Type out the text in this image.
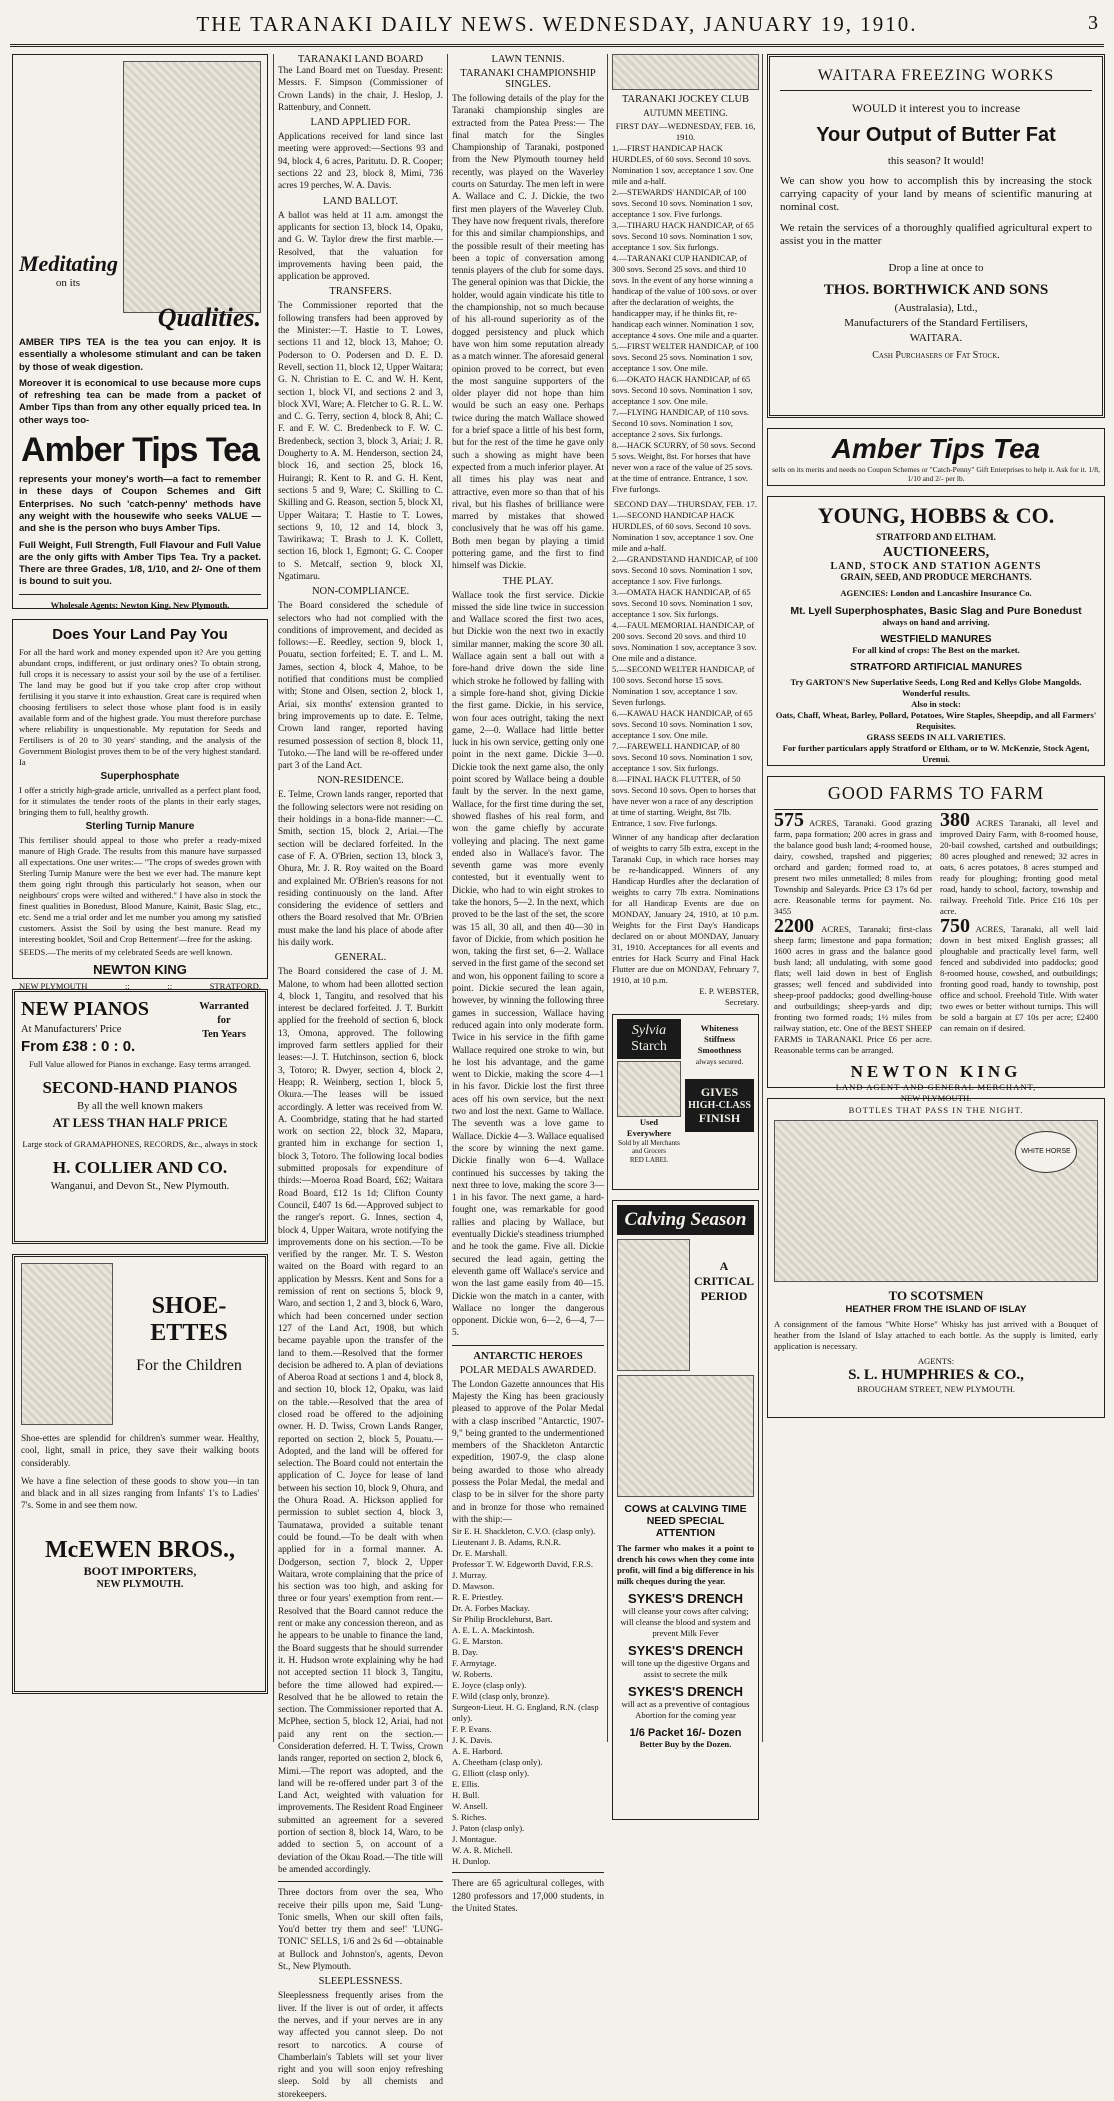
THE TARANAKI DAILY NEWS. WEDNESDAY, JANUARY 19, 1910.	3
Meditating
on its
Qualities.
AMBER TIPS TEA is the tea you can enjoy. It is essentially a wholesome stimulant and can be taken by those of weak digestion.
Moreover it is economical to use because more cups of refreshing tea can be made from a packet of Amber Tips than from any other equally priced tea. In other ways too-
Amber Tips Tea
represents your money's worth—a fact to remember in these days of Coupon Schemes and Gift Enterprises. No such 'catch-penny' methods have any weight with the housewife who seeks VALUE —and she is the person who buys Amber Tips.
Full Weight, Full Strength, Full Flavour and Full Value are the only gifts with Amber Tips Tea. Try a packet. There are three Grades, 1/8, 1/10, and 2/- One of them is bound to suit you.
Wholesale Agents: Newton King, New Plymouth.
Does Your Land Pay You
For all the hard work and money expended upon it? Are you getting abundant crops, indifferent, or just ordinary ones? To obtain strong, full crops it is necessary to assist your soil by the use of a fertiliser. The land may be good but if you take crop after crop without fertilising it you starve it into exhaustion. Great care is required when choosing fertilisers to select those whose plant food is in easily available form and of the highest grade. You must therefore purchase where reliability is unquestionable. My reputation for Seeds and Fertilisers is of 20 to 30 years' standing, and the analysis of the Government Biologist proves them to be of the very highest standard. Ia
Superphosphate
I offer a strictly high-grade article, unrivalled as a perfect plant food, for it stimulates the tender roots of the plants in their early stages, bringing them to full, healthy growth.
Sterling Turnip Manure
This fertiliser should appeal to those who prefer a ready-mixed manure of High Grade. The results from this manure have surpassed all expectations. One user writes:— "The crops of swedes grown with Sterling Turnip Manure were the best we ever had. The manure kept them going right through this particularly hot season, when our neighbours' crops were wilted and withered." I have also in stock the finest qualities in Bonedust, Blood Manure, Kainit, Basic Slag, etc., etc. Send me a trial order and let me number you among my satisfied customers. Assist the Soil by using the best manure. Read my interesting booklet, 'Soil and Crop Betterment'—free for the asking.
SEEDS.—The merits of my celebrated Seeds are well known.
NEWTON KING
NEW PLYMOUTH	::	::	STRATFORD.
NEW PIANOS
At Manufacturers' Price
From £38 : 0 : 0.
Warranted
for
Ten Years
Full Value allowed for Pianos in exchange. Easy terms arranged.
SECOND-HAND PIANOS
By all the well known makers
AT LESS THAN HALF PRICE
Large stock of GRAMAPHONES, RECORDS, &c., always in stock
H. COLLIER AND CO.
Wanganui, and Devon St., New Plymouth.
SHOE-ETTES
For the Children
Shoe-ettes are splendid for children's summer wear. Healthy, cool, light, small in price, they save their walking boots considerably.
We have a fine selection of these goods to show you—in tan and black and in all sizes ranging from Infants' 1's to Ladies' 7's. Some in and see them now.
McEWEN BROS.,
BOOT IMPORTERS,
NEW PLYMOUTH.
TARANAKI LAND BOARD
The Land Board met on Tuesday. Present: Messrs. F. Simpson (Commissioner of Crown Lands) in the chair, J. Heslop, J. Rattenbury, and Connett.
LAND APPLIED FOR.
Applications received for land since last meeting were approved:—Sections 93 and 94, block 4, 6 acres, Paritutu. D. R. Cooper; sections 22 and 23, block 8, Mimi, 736 acres 19 perches, W. A. Davis.
LAND BALLOT.
A ballot was held at 11 a.m. amongst the applicants for section 13, block 14, Opaku, and G. W. Taylor drew the first marble.—Resolved, that the valuation for improvements having been paid, the application be approved.
TRANSFERS.
The Commissioner reported that the following transfers had been approved by the Minister:—T. Hastie to T. Lowes, sections 11 and 12, block 13, Mahoe; O. Poderson to O. Podersen and D. E. D. Revell, section 11, block 12, Upper Waitara; G. N. Christian to E. C. and W. H. Kent, section 1, block VI, and sections 2 and 3, block XVI, Ware; A. Fletcher to G. R. L. W. and C. G. Terry, section 4, block 8, Ahi; C. F. and F. W. C. Bredenbeck to F. W. C. Bredenbeck, section 3, block 3, Ariai; J. R. Dougherty to A. M. Henderson, section 24, block 16, and section 25, block 16, Huirangi; R. Kent to R. and G. H. Kent, sections 5 and 9, Ware; C. Skilling to C. Skilling and G. Reason, section 5, block XI, Upper Waitara; T. Hastie to T. Lowes, sections 9, 10, 12 and 14, block 3, Tawirikawa; T. Brash to J. K. Collett, section 16, block 1, Egmont; G. C. Cooper to S. Metcalf, section 9, block XI, Ngatimaru.
NON-COMPLIANCE.
The Board considered the schedule of selectors who had not complied with the conditions of improvement, and decided as follows:—E. Reedley, section 9, block 1, Pouatu, section forfeited; E. T. and L. M. James, section 4, block 4, Mahoe, to be notified that conditions must be complied with; Stone and Olsen, section 2, block 1, Ariai, six months' extension granted to bring improvements up to date. E. Telme, Crown land ranger, reported having resumed possession of section 8, block 11, Tutoko.—The land will be re-offered under part 3 of the Land Act.
NON-RESIDENCE.
E. Telme, Crown lands ranger, reported that the following selectors were not residing on their holdings in a bona-fide manner:—C. Smith, section 15, block 2, Ariai.—The section will be declared forfeited. In the case of F. A. O'Brien, section 13, block 3, Ohura, Mr. J. R. Roy waited on the Board and explained Mr. O'Brien's reasons for not residing continuously on the land. After considering the evidence of settlers and others the Board resolved that Mr. O'Brien must make the land his place of abode after his daily work.
GENERAL.
The Board considered the case of J. M. Malone, to whom had been allotted section 4, block 1, Tangitu, and resolved that his interest be declared forfeited. J. T. Burkitt applied for the freehold of section 6, block 13, Omona, approved. The following improved farm settlers applied for their leases:—J. T. Hutchinson, section 6, block 3, Totoro; R. Dwyer, section 4, block 2, Heapp; R. Weinberg, section 1, block 5, Okura.—The leases will be issued accordingly. A letter was received from W. A. Coombridge, stating that he had started work on section 22, block 32, Mapara, granted him in exchange for section 1, block 3, Totoro. The following local bodies submitted proposals for expenditure of thirds:—Moeroa Road Board, £62; Waitara Road Board, £12 1s 1d; Clifton County Council, £407 1s 6d.—Approved subject to the ranger's report. G. Innes, section 4, block 4, Upper Waitara, wrote notifying the improvements done on his section.—To be verified by the ranger. Mr. T. S. Weston waited on the Board with regard to an application by Messrs. Kent and Sons for a remission of rent on sections 5, block 9, Waro, and section 1, 2 and 3, block 6, Waro, which had been concerned under section 127 of the Land Act, 1908, but which became payable upon the transfer of the land to them.—Resolved that the former decision be adhered to. A plan of deviations of Aberoa Road at sections 1 and 4, block 8, and section 10, block 12, Opaku, was laid on the table.—Resolved that the area of closed road be offered to the adjoining owner. H. D. Twiss, Crown Lands Ranger, reported on section 2, block 5, Pouatu.—Adopted, and the land will be offered for selection. The Board could not entertain the application of C. Joyce for lease of land between his section 10, block 9, Ohura, and the Ohura Road. A. Hickson applied for permission to sublet section 4, block 3, Taumatawa, provided a suitable tenant could be found.—To be dealt with when applied for in a formal manner. A. Dodgerson, section 7, block 2, Upper Waitara, wrote complaining that the price of his section was too high, and asking for three or four years' exemption from rent.—Resolved that the Board cannot reduce the rent or make any concession thereon, and as he appears to be unable to finance the land, the Board suggests that he should surrender it. H. Hudson wrote explaining why he had not accepted section 11 block 3, Tangitu, before the time allowed had expired.—Resolved that he be allowed to retain the section. The Commissioner reported that A. McPhee, section 5, block 12, Ariai, had not paid any rent on the section.—Consideration deferred. H. T. Twiss, Crown lands ranger, reported on section 2, block 6, Mimi.—The report was adopted, and the land will be re-offered under part 3 of the Land Act, weighted with valuation for improvements. The Resident Road Engineer submitted an agreement for a severed portion of section 8, block 14, Waro, to be added to section 5, on account of a deviation of the Okau Road.—The title will be amended accordingly.
Three doctors from over the sea, Who receive their pills upon me, Said 'Lung-Tonic smells, When our skill often fails, You'd better try them and see!' 'LUNG-TONIC' SELLS, 1/6 and 2s 6d —obtainable at Bullock and Johnston's, agents, Devon St., New Plymouth.
SLEEPLESSNESS.
Sleeplessness frequently arises from the liver. If the liver is out of order, it affects the nerves, and if your nerves are in any way affected you cannot sleep. Do not resort to narcotics. A course of Chamberlain's Tablets will set your liver right and you will soon enjoy refreshing sleep. Sold by all chemists and storekeepers.
LAWN TENNIS.
TARANAKI CHAMPIONSHIP SINGLES.
The following details of the play for the Taranaki championship singles are extracted from the Patea Press:— The final match for the Singles Championship of Taranaki, postponed from the New Plymouth tourney held recently, was played on the Waverley courts on Saturday. The men left in were A. Wallace and C. J. Dickie, the two first men players of the Waverley Club. They have now frequent rivals, therefore for this and similar championships, and the possible result of their meeting has been a topic of conversation among tennis players of the club for some days. The general opinion was that Dickie, the holder, would again vindicate his title to the championship, not so much because of his all-round superiority as of the dogged persistency and pluck which have won him some reputation already as a match winner. The aforesaid general opinion proved to be correct, but even the most sanguine supporters of the older player did not hope than him would be such an easy one. Perhaps twice during the match Wallace showed for a brief space a little of his best form, but for the rest of the time he gave only such a showing as might have been expected from a much inferior player. At all times his play was neat and attractive, even more so than that of his rival, but his flashes of brilliance were marred by mistakes that showed conclusively that he was off his game. Both men began by playing a timid pottering game, and the first to find himself was Dickie.
THE PLAY.
Wallace took the first service. Dickie missed the side line twice in succession and Wallace scored the first two aces, but Dickie won the next two in exactly similar manner, making the score 30 all. Wallace again sent a ball out with a fore-hand drive down the side line which stroke he followed by falling with a simple fore-hand shot, giving Dickie the first game. Dickie, in his service, won four aces outright, taking the next game, 2—0. Wallace had little better luck in his own service, getting only one point in the next game. Dickie 3—0. Dickie took the next game also, the only point scored by Wallace being a double fault by the server. In the next game, Wallace, for the first time during the set, showed flashes of his real form, and won the game chiefly by accurate volleying and placing. The next game ended also in Wallace's favor. The seventh game was more evenly contested, but it eventually went to Dickie, who had to win eight strokes to take the honors, 5—2. In the next, which proved to be the last of the set, the score was 15 all, 30 all, and then 40—30 in favor of Dickie, from which position he won, taking the first set, 6—2. Wallace served in the first game of the second set and won, his opponent failing to score a point. Dickie secured the lean again, however, by winning the following three games in succession, Wallace having reduced again into only moderate form. Twice in his service in the fifth game Wallace required one stroke to win, but he lost his advantage, and the game went to Dickie, making the score 4—1 in his favor. Dickie lost the first three aces off his own service, but the next two and lost the next. Game to Wallace. The seventh was a love game to Wallace. Dickie 4—3. Wallace equalised the score by winning the next game. Dickie finally won 6—4. Wallace continued his successes by taking the next three to love, making the score 3—1 in his favor. The next game, a hard-fought one, was remarkable for good rallies and placing by Wallace, but eventually Dickie's steadiness triumphed and he took the game. Five all. Dickie secured the lead again, getting the eleventh game off Wallace's service and won the last game easily from 40—15. Dickie won the match in a canter, with Wallace no longer the dangerous opponent. Dickie won, 6—2, 6—4, 7—5.
ANTARCTIC HEROES
POLAR MEDALS AWARDED.
The London Gazette announces that His Majesty the King has been graciously pleased to approve of the Polar Medal with a clasp inscribed "Antarctic, 1907-9," being granted to the undermentioned members of the Shackleton Antarctic expedition, 1907-9, the clasp alone being awarded to those who already possess the Polar Medal, the medal and clasp to be in silver for the shore party and in bronze for those who remained with the ship:—

Sir E. H. Shackleton, C.V.O. (clasp only).

Lieutenant J. B. Adams, R.N.R.

Dr. E. Marshall.

Professor T. W. Edgeworth David, F.R.S.

J. Murray.

D. Mawson.

R. E. Priestley.

Dr. A. Forbes Mackay.

Sir Philip Brocklehurst, Bart.

A. E. L. A. Mackintosh.

G. E. Marston.

B. Day.

F. Armytage.

W. Roberts.

E. Joyce (clasp only).

F. Wild (clasp only, bronze).

Surgeon-Lieut. H. G. England, R.N. (clasp only).

F. P. Evans.

J. K. Davis.

A. E. Harbord.

A. Cheetham (clasp only).

G. Elliott (clasp only).

E. Ellis.

H. Bull.

W. Ansell.

S. Riches.

J. Paton (clasp only).

J. Montague.

W. A. R. Michell.

H. Dunlop.

There are 65 agricultural colleges, with 1280 professors and 17,000 students, in the United States.
TARANAKI JOCKEY CLUB
AUTUMN MEETING.
FIRST DAY—WEDNESDAY, FEB. 16, 1910.

1.—FIRST HANDICAP HACK HURDLES, of 60 sovs. Second 10 sovs. Nomination 1 sov, acceptance 1 sov. One mile and a-half.

2.—STEWARDS' HANDICAP, of 100 sovs. Second 10 sovs. Nomination 1 sov, acceptance 1 sov. Five furlongs.

3.—TIHARU HACK HANDICAP, of 65 sovs. Second 10 sovs. Nomination 1 sov, acceptance 1 sov. Six furlongs.

4.—TARANAKI CUP HANDICAP, of 300 sovs. Second 25 sovs. and third 10 sovs. In the event of any horse winning a handicap of the value of 100 sovs. or over after the declaration of weights, the handicapper may, if he thinks fit, re-handicap each winner. Nomination 1 sov, acceptance 4 sovs. One mile and a quarter.

5.—FIRST WELTER HANDICAP, of 100 sovs. Second 25 sovs. Nomination 1 sov, acceptance 1 sov. One mile.

6.—OKATO HACK HANDICAP, of 65 sovs. Second 10 sovs. Nomination 1 sov, acceptance 1 sov. One mile.

7.—FLYING HANDICAP, of 110 sovs. Second 10 sovs. Nomination 1 sov, acceptance 2 sovs. Six furlongs.

8.—HACK SCURRY, of 50 sovs. Second 5 sovs. Weight, 8st. For horses that have never won a race of the value of 25 sovs. at the time of entrance. Entrance, 1 sov. Five furlongs.

SECOND DAY—THURSDAY, FEB. 17.

1.—SECOND HANDICAP HACK HURDLES, of 60 sovs. Second 10 sovs. Nomination 1 sov, acceptance 1 sov. One mile and a-half.

2.—GRANDSTAND HANDICAP, of 100 sovs. Second 10 sovs. Nomination 1 sov, acceptance 1 sov. Five furlongs.

3.—OMATA HACK HANDICAP, of 65 sovs. Second 10 sovs. Nomination 1 sov, acceptance 1 sov. Six furlongs.

4.—FAUL MEMORIAL HANDICAP, of 200 sovs. Second 20 sovs. and third 10 sovs. Nomination 1 sov, acceptance 3 sov. One mile and a distance.

5.—SECOND WELTER HANDICAP, of 100 sovs. Second horse 15 sovs. Nomination 1 sov, acceptance 1 sov. Seven furlongs.

6.—KAWAU HACK HANDICAP, of 65 sovs. Second 10 sovs. Nomination 1 sov, acceptance 1 sov. One mile.

7.—FAREWELL HANDICAP, of 80 sovs. Second 10 sovs. Nomination 1 sov, acceptance 1 sov. Six furlongs.

8.—FINAL HACK FLUTTER, of 50 sovs. Second 10 sovs. Open to horses that have never won a race of any description at time of starting. Weight, 8st 7lb. Entrance, 1 sov. Five furlongs.

Winner of any handicap after declaration of weights to carry 5lb extra, except in the Taranaki Cup, in which race horses may be re-handicapped. Winners of any Handicap Hurdles after the declaration of weights to carry 7lb extra. Nominations for all Handicap Events are due on MONDAY, January 24, 1910, at 10 p.m. Weights for the First Day's Handicaps declared on or about MONDAY, January 31, 1910. Acceptances for all events and entries for Hack Scurry and Final Hack Flutter are due on MONDAY, February 7, 1910, at 10 p.m.
E. P. WEBSTER,
Secretary.
Sylvia
Starch
Used
Everywhere
Sold by all Merchants and Grocers
RED LABEL
Whiteness
Stiffness
Smoothness
always secured.
GIVES
HIGH-CLASS
FINISH
Calving Season
A
CRITICAL
PERIOD
COWS at CALVING TIME
NEED SPECIAL ATTENTION
The farmer who makes it a point to drench his cows when they come into profit, will find a big difference in his milk cheques during the year.
SYKES'S DRENCH
will cleanse your cows after calving; will cleanse the blood and system and prevent Milk Fever
SYKES'S DRENCH
will tone up the digestive Organs and assist to secrete the milk
SYKES'S DRENCH
will act as a preventive of contagious Abortion for the coming year
1/6 Packet 16/- Dozen
Better Buy by the Dozen.
WAITARA FREEZING WORKS
WOULD it interest you to increase
Your Output of Butter Fat
this season? It would!
We can show you how to accomplish this by increasing the stock carrying capacity of your land by means of scientific manuring at nominal cost.
We retain the services of a thoroughly qualified agricultural expert to assist you in the matter
Drop a line at once to
THOS. BORTHWICK AND SONS
(Australasia), Ltd.,
Manufacturers of the Standard Fertilisers,
WAITARA.
Cash Purchasers of Fat Stock.
Amber Tips Tea
sells on its merits and needs no Coupon Schemes or "Catch-Penny" Gift Enterprises to help it. Ask for it. 1/8, 1/10 and 2/- per lb.
YOUNG, HOBBS & CO.
STRATFORD AND ELTHAM.
AUCTIONEERS,
LAND, STOCK AND STATION AGENTS
GRAIN, SEED, AND PRODUCE MERCHANTS.
AGENCIES: London and Lancashire Insurance Co.
Mt. Lyell Superphosphates, Basic Slag and Pure Bonedust
always on hand and arriving.
WESTFIELD MANURES
For all kind of crops: The Best on the market.
STRATFORD ARTIFICIAL MANURES
Try GARTON'S New Superlative Seeds, Long Red and Kellys Globe Mangolds. Wonderful results.
Also in stock:
Oats, Chaff, Wheat, Barley, Pollard, Potatoes, Wire Staples, Sheepdip, and all Farmers' Requisites.
GRASS SEEDS IN ALL VARIETIES.
For further particulars apply Stratford or Eltham, or to W. McKenzie, Stock Agent, Urenui.
GOOD FARMS TO FARM
575 ACRES, Taranaki. Good grazing farm, papa formation; 200 acres in grass and the balance good bush land; 4-roomed house, dairy, cowshed, trapshed and piggeries; orchard and garden; formed road to, at present two miles unmetalled; 8 miles from Township and Saleyards. Price £3 17s 6d per acre. Reasonable terms for payment. No. 3455
2200 ACRES, Taranaki; first-class sheep farm; limestone and papa formation; 1600 acres in grass and the balance good bush land; all undulating, with some good flats; well laid down in best of English grasses; well fenced and subdivided into sheep-proof paddocks; good dwelling-house and outbuildings; sheep-yards and dip; fronting two formed roads; 1½ miles from railway station, etc. One of the BEST SHEEP FARMS in TARANAKI. Price £6 per acre. Reasonable terms can be arranged.
380 ACRES Taranaki, all level and improved Dairy Farm, with 8-roomed house, 20-bail cowshed, cartshed and outbuildings; 80 acres ploughed and renewed; 32 acres in oats, 6 acres potatoes, 8 acres stumped and ready for ploughing; fronting good metal road, handy to school, factory, township and railway. Freehold Title. Price £16 10s per acre.
750 ACRES, Taranaki, all well laid down in best mixed English grasses; all ploughable and practically level farm, well fenced and subdivided into paddocks; good 8-roomed house, cowshed, and outbuildings; fronting good road, handy to township, post office and school. Freehold Title. With water two ewes or better without turnips. This will be sold a bargain at £7 10s per acre; £2400 can remain on if desired.
NEWTON KING
LAND AGENT AND GENERAL MERCHANT,
NEW PLYMOUTH.
BOTTLES THAT PASS IN THE NIGHT.
WHITE HORSE
TO SCOTSMEN
HEATHER FROM THE ISLAND OF ISLAY
A consignment of the famous "White Horse" Whisky has just arrived with a Bouquet of heather from the Island of Islay attached to each bottle. As the supply is limited, early application is necessary.
AGENTS:
S. L. HUMPHRIES & CO.,
BROUGHAM STREET, NEW PLYMOUTH.
